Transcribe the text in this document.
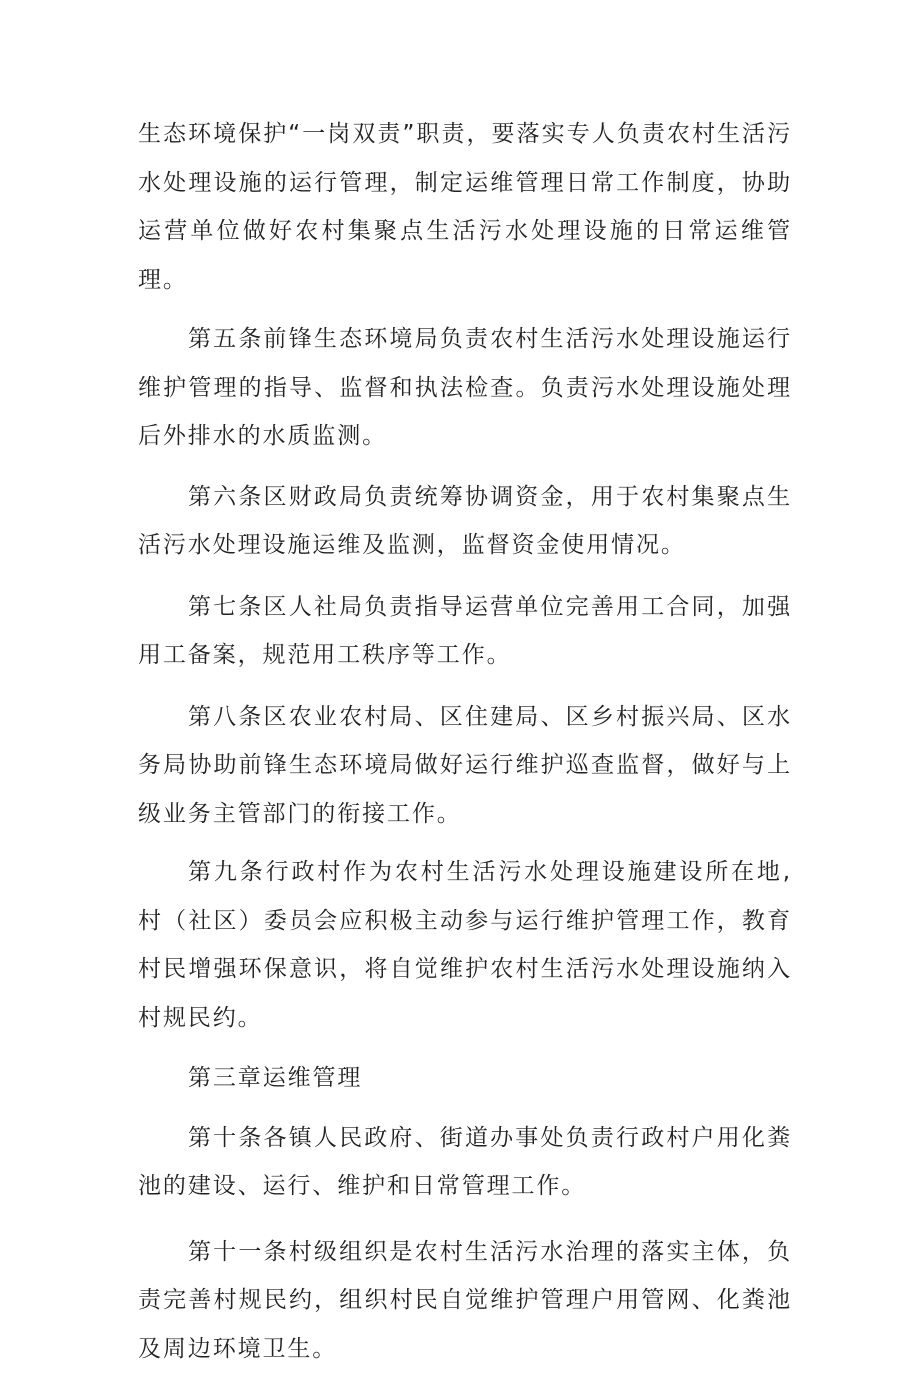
生态环境保护“一岗双责”职责，要落实专人负责农村生活污水处理设施的运行管理，制定运维管理日常工作制度，协助运营单位做好农村集聚点生活污水处理设施的日常运维管理。

第五条前锋生态环境局负责农村生活污水处理设施运行维护管理的指导、监督和执法检查。负责污水处理设施处理后外排水的水质监测。

第六条区财政局负责统筹协调资金，用于农村集聚点生活污水处理设施运维及监测，监督资金使用情况。

第七条区人社局负责指导运营单位完善用工合同，加强用工备案，规范用工秩序等工作。

第八条区农业农村局、区住建局、区乡村振兴局、区水务局协助前锋生态环境局做好运行维护巡查监督，做好与上级业务主管部门的衔接工作。

第九条行政村作为农村生活污水处理设施建设所在地,村（社区）委员会应积极主动参与运行维护管理工作，教育村民增强环保意识，将自觉维护农村生活污水处理设施纳入村规民约。

第三章运维管理

第十条各镇人民政府、街道办事处负责行政村户用化粪池的建设、运行、维护和日常管理工作。

第十一条村级组织是农村生活污水治理的落实主体，负责完善村规民约，组织村民自觉维护管理户用管网、化粪池及周边环境卫生。
